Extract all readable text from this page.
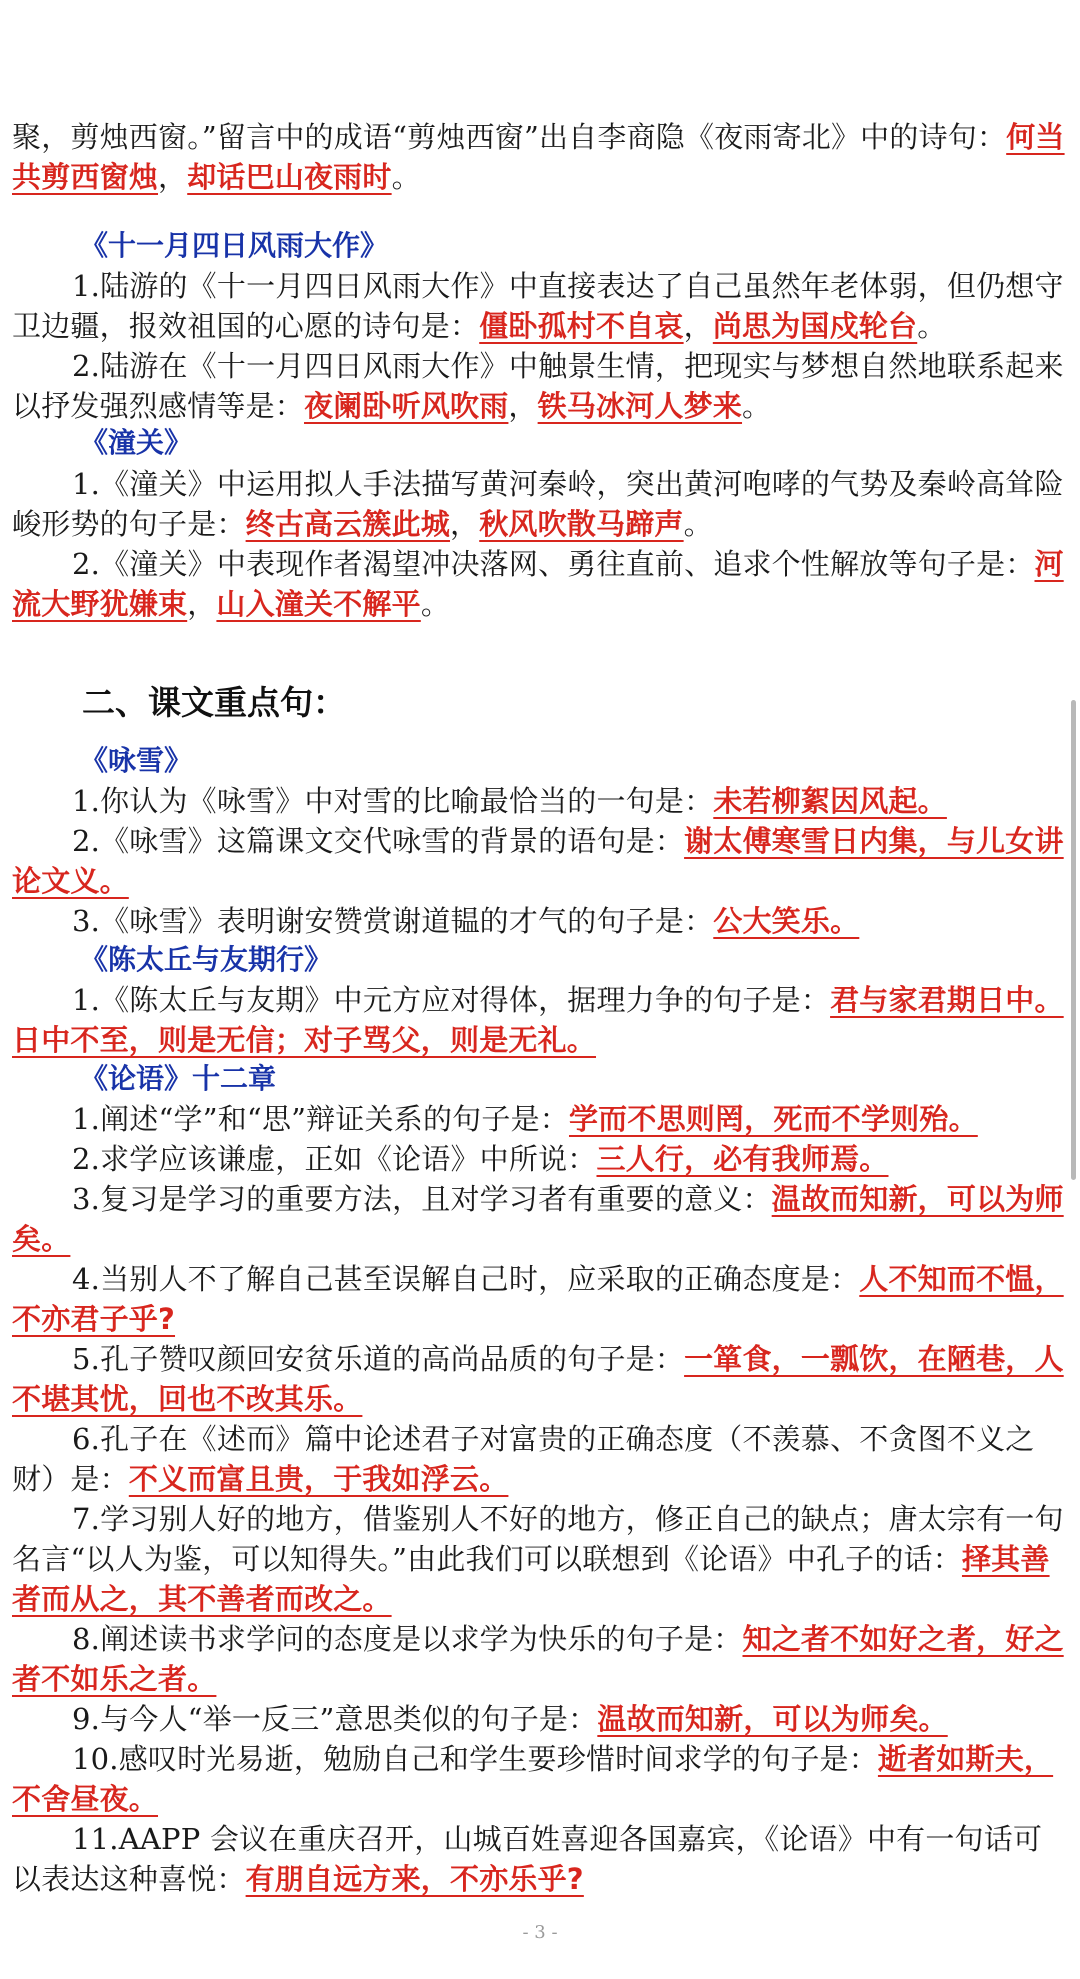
聚，剪烛西窗。”留言中的成语“剪烛西窗”出自李商隐《夜雨寄北》中的诗句：何当共剪西窗烛，却话巴山夜雨时。
《十一月四日风雨大作》
1.陆游的《十一月四日风雨大作》中直接表达了自己虽然年老体弱，但仍想守卫边疆，报效祖国的心愿的诗句是：僵卧孤村不自哀，尚思为国戍轮台。
2.陆游在《十一月四日风雨大作》中触景生情，把现实与梦想自然地联系起来以抒发强烈感情等是：夜阑卧听风吹雨，铁马冰河人梦来。
《潼关》
1.《潼关》中运用拟人手法描写黄河秦岭，突出黄河咆哮的气势及秦岭高耸险峻形势的句子是：终古高云簇此城，秋风吹散马蹄声。
2.《潼关》中表现作者渴望冲决落网、勇往直前、追求个性解放等句子是：河流大野犹嫌束，山入潼关不解平。
二、课文重点句：
《咏雪》
1.你认为《咏雪》中对雪的比喻最恰当的一句是：未若柳絮因风起。
2.《咏雪》这篇课文交代咏雪的背景的语句是：谢太傅寒雪日内集，与儿女讲论文义。
3.《咏雪》表明谢安赞赏谢道韫的才气的句子是：公大笑乐。
《陈太丘与友期行》
1.《陈太丘与友期》中元方应对得体，据理力争的句子是：君与家君期日中。日中不至，则是无信；对子骂父，则是无礼。
《论语》十二章
1.阐述“学”和“思”辩证关系的句子是：学而不思则罔，死而不学则殆。
2.求学应该谦虚，正如《论语》中所说：三人行，必有我师焉。
3.复习是学习的重要方法，且对学习者有重要的意义：温故而知新，可以为师矣。
4.当别人不了解自己甚至误解自己时，应采取的正确态度是：人不知而不愠，不亦君子乎?
5.孔子赞叹颜回安贫乐道的高尚品质的句子是：一箪食，一瓢饮，在陋巷，人不堪其忧，回也不改其乐。
6.孔子在《述而》篇中论述君子对富贵的正确态度（不羡慕、不贪图不义之财）是：不义而富且贵，于我如浮云。
7.学习别人好的地方，借鉴别人不好的地方，修正自己的缺点；唐太宗有一句名言“以人为鉴，可以知得失。”由此我们可以联想到《论语》中孔子的话：择其善者而从之，其不善者而改之。
8.阐述读书求学问的态度是以求学为快乐的句子是：知之者不如好之者，好之者不如乐之者。
9.与今人“举一反三”意思类似的句子是：温故而知新，可以为师矣。
10.感叹时光易逝，勉励自己和学生要珍惜时间求学的句子是：逝者如斯夫，不舍昼夜。
11.AAPP 会议在重庆召开，山城百姓喜迎各国嘉宾，《论语》中有一句话可以表达这种喜悦：有朋自远方来，不亦乐乎?
- 3 -
